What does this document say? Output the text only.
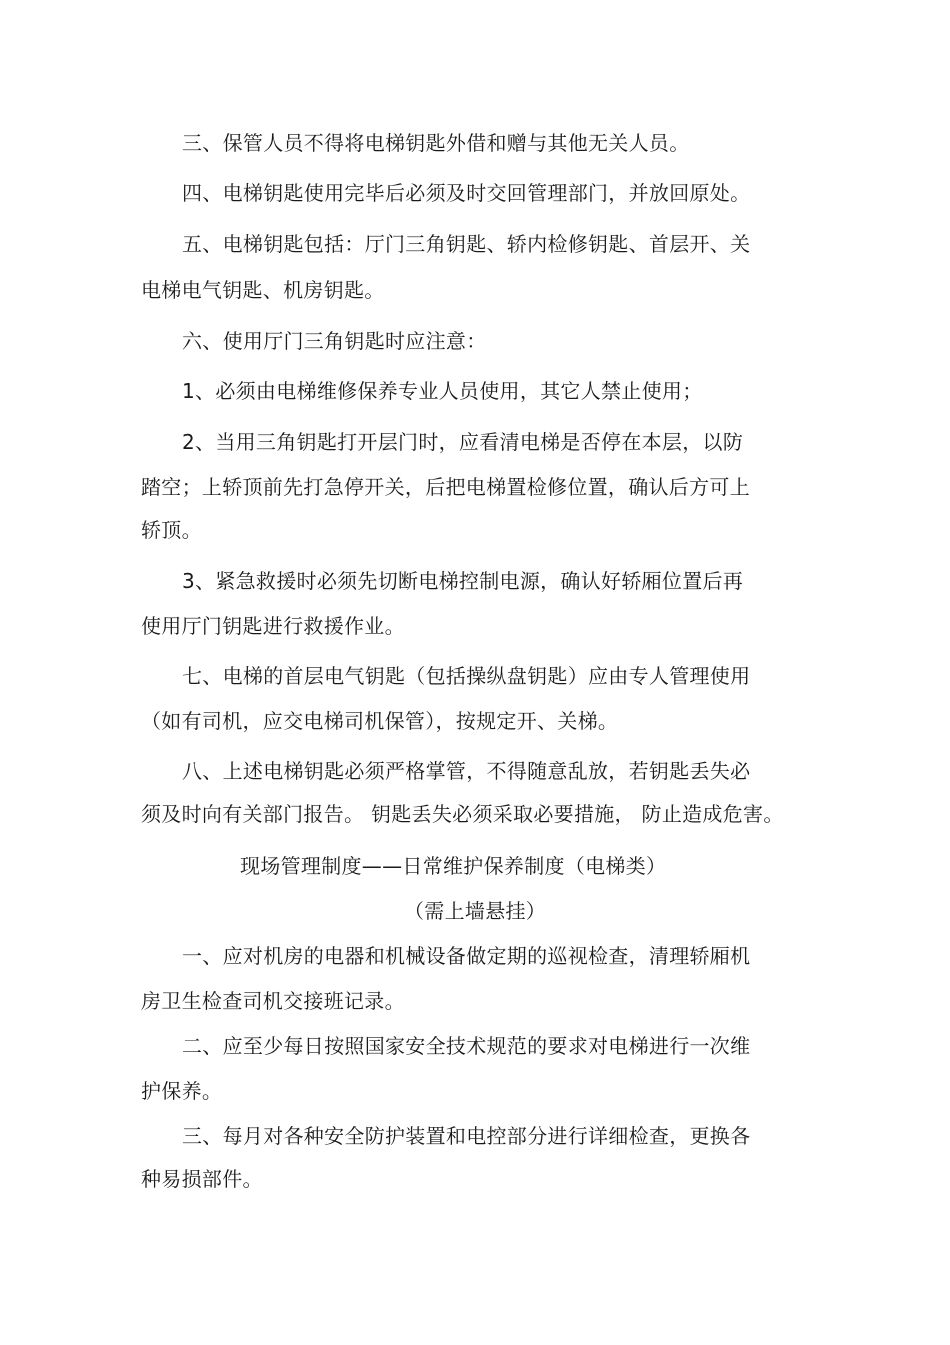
三、保管人员不得将电梯钥匙外借和赠与其他无关人员。
四、电梯钥匙使用完毕后必须及时交回管理部门，并放回原处。
五、电梯钥匙包括：厅门三角钥匙、轿内检修钥匙、首层开、关
电梯电气钥匙、机房钥匙。
六、使用厅门三角钥匙时应注意：
1、必须由电梯维修保养专业人员使用，其它人禁止使用；
2、当用三角钥匙打开层门时，应看清电梯是否停在本层，以防
踏空；上轿顶前先打急停开关，后把电梯置检修位置，确认后方可上
轿顶。
3、紧急救援时必须先切断电梯控制电源，确认好轿厢位置后再
使用厅门钥匙进行救援作业。
七、电梯的首层电气钥匙（包括操纵盘钥匙）应由专人管理使用
（如有司机，应交电梯司机保管），按规定开、关梯。
八、上述电梯钥匙必须严格掌管，不得随意乱放，若钥匙丢失必
须及时向有关部门报告。 钥匙丢失必须采取必要措施， 防止造成危害。
现场管理制度——日常维护保养制度（电梯类）
（需上墙悬挂）
一、应对机房的电器和机械设备做定期的巡视检查，清理轿厢机
房卫生检查司机交接班记录。
二、应至少每日按照国家安全技术规范的要求对电梯进行一次维
护保养。
三、每月对各种安全防护装置和电控部分进行详细检查，更换各
种易损部件。
